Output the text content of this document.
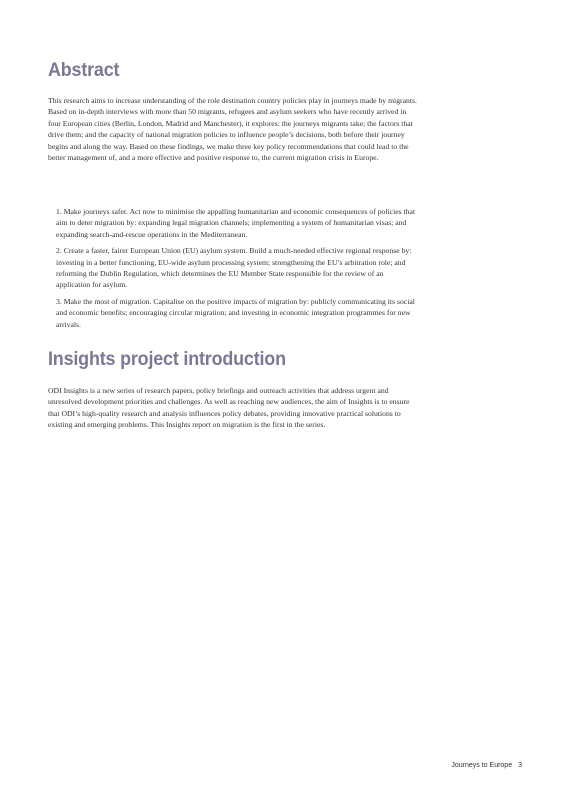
Abstract

This research aims to increase understanding of the role destination country policies play in journeys made by migrants. Based on in-depth interviews with more than 50 migrants, refugees and asylum seekers who have recently arrived in four European cities (Berlin, London, Madrid and Manchester), it explores: the journeys migrants take; the factors that drive them; and the capacity of national migration policies to influence people’s decisions, both before their journey begins and along the way. Based on these findings, we make three key policy recommendations that could lead to the better management of, and a more effective and positive response to, the current migration crisis in Europe.

1. Make journeys safer. Act now to minimise the appalling humanitarian and economic consequences of policies that aim to deter migration by: expanding legal migration channels; implementing a system of humanitarian visas; and expanding search-and-rescue operations in the Mediterranean.

2. Create a faster, fairer European Union (EU) asylum system. Build a much-needed effective regional response by: investing in a better functioning, EU-wide asylum processing system; strengthening the EU’s arbitration role; and reforming the Dublin Regulation, which determines the EU Member State responsible for the review of an application for asylum.

3. Make the most of migration. Capitalise on the positive impacts of migration by: publicly communicating its social and economic benefits; encouraging circular migration; and investing in economic integration programmes for new arrivals.

Insights project introduction

ODI Insights is a new series of research papers, policy briefings and outreach activities that address urgent and unresolved development priorities and challenges. As well as reaching new audiences, the aim of Insights is to ensure that ODI’s high-quality research and analysis influences policy debates, providing innovative practical solutions to existing and emerging problems. This Insights report on migration is the first in the series.

Journeys to Europe 3
